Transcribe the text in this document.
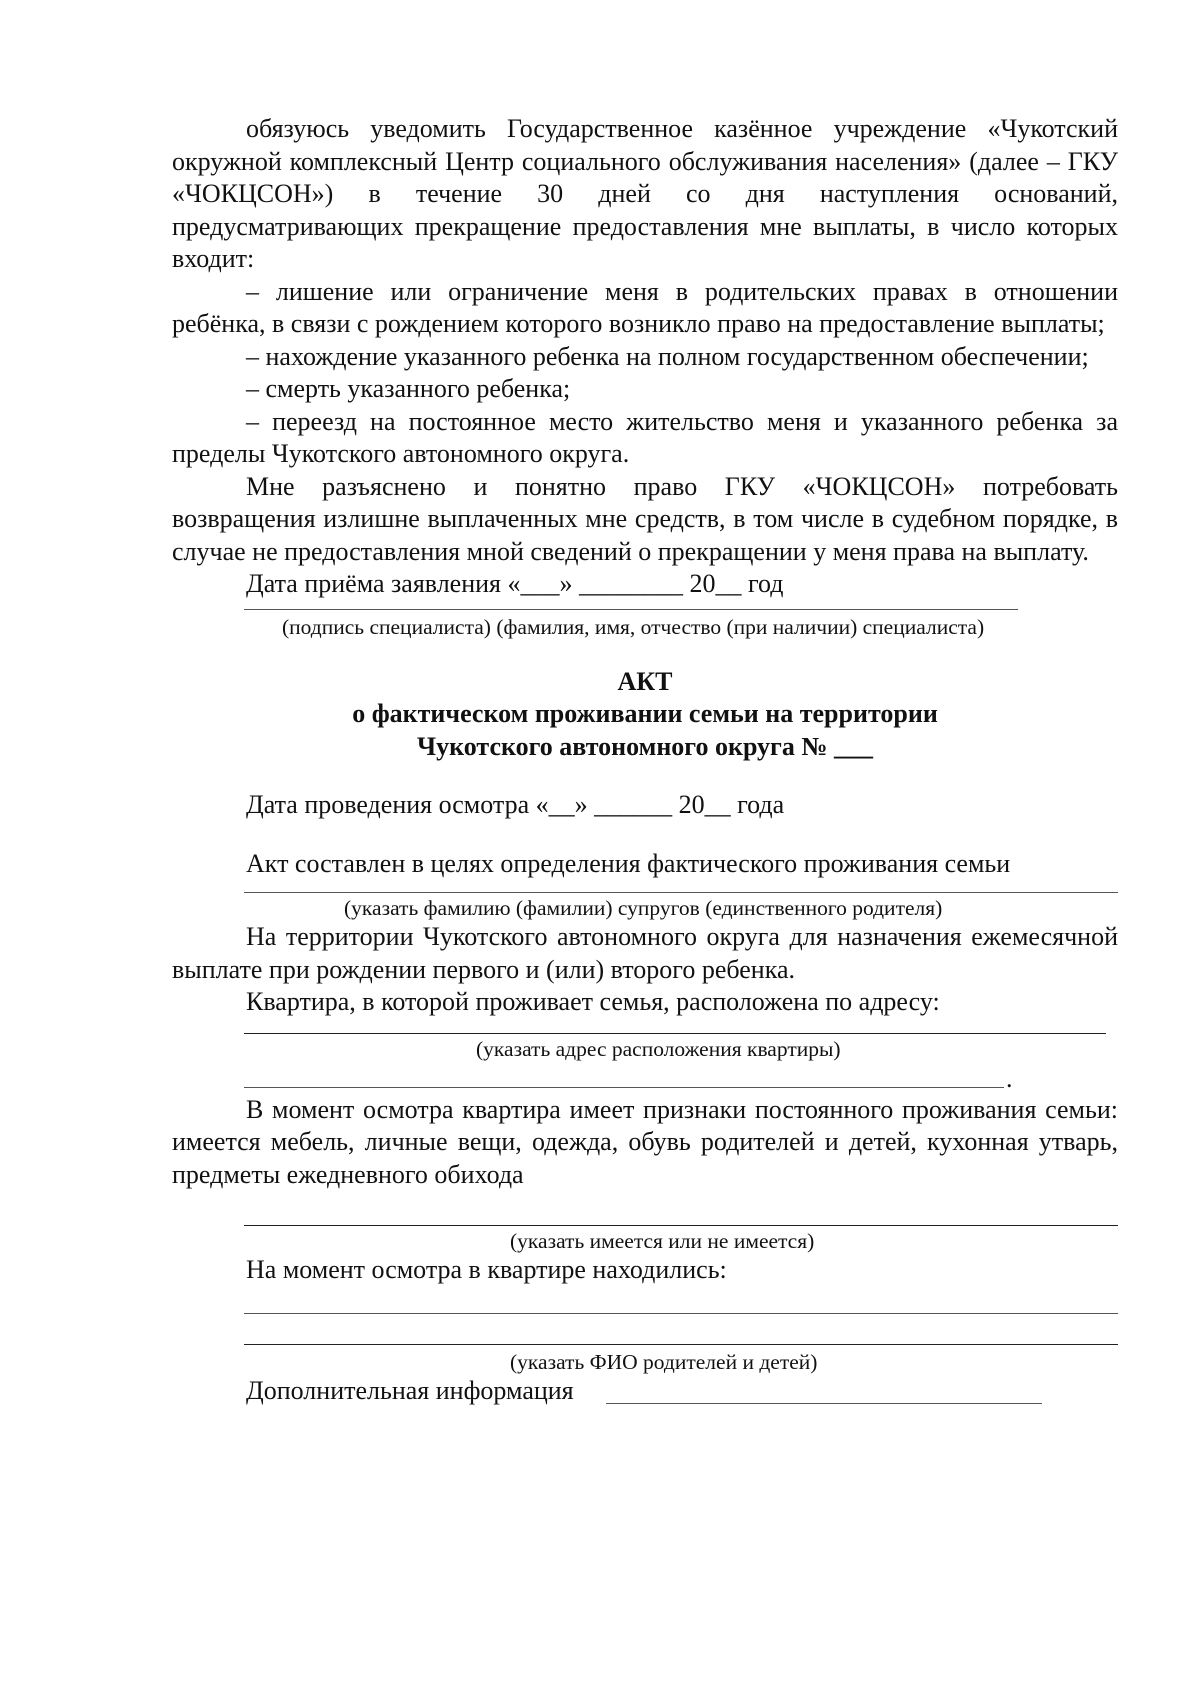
обязуюсь уведомить Государственное казённое учреждение «Чукотский окружной комплексный Центр социального обслуживания населения» (далее – ГКУ «ЧОКЦСОН») в течение 30 дней со дня наступления оснований, предусматривающих прекращение предоставления мне выплаты, в число которых входит:

– лишение или ограничение меня в родительских правах в отношении ребёнка, в связи с рождением которого возникло право на предоставление выплаты;

– нахождение указанного ребенка на полном государственном обеспечении;

– смерть указанного ребенка;

– переезд на постоянное место жительство меня и указанного ребенка за пределы Чукотского автономного округа.

Мне разъяснено и понятно право ГКУ «ЧОКЦСОН» потребовать возвращения излишне выплаченных мне средств, в том числе в судебном порядке, в случае не предоставления мной сведений о прекращении у меня права на выплату.

Дата приёма заявления «___» ________ 20__ год

(подпись специалиста) (фамилия, имя, отчество (при наличии) специалиста)

АКТ

о фактическом проживании семьи на территории

Чукотского автономного округа № ___

Дата проведения осмотра «__» ______ 20__ года

Акт составлен в целях определения фактического проживания семьи

(указать фамилию (фамилии) супругов (единственного родителя)

На территории Чукотского автономного округа для назначения ежемесячной выплате при рождении первого и (или) второго ребенка.

Квартира, в которой проживает семья, расположена по адресу:

(указать адрес расположения квартиры)
.

В момент осмотра квартира имеет признаки постоянного проживания семьи: имеется мебель, личные вещи, одежда, обувь родителей и детей, кухонная утварь, предметы ежедневного обихода

(указать имеется или не имеется)

На момент осмотра в квартире находились:

(указать ФИО родителей и детей)
Дополнительная информация
